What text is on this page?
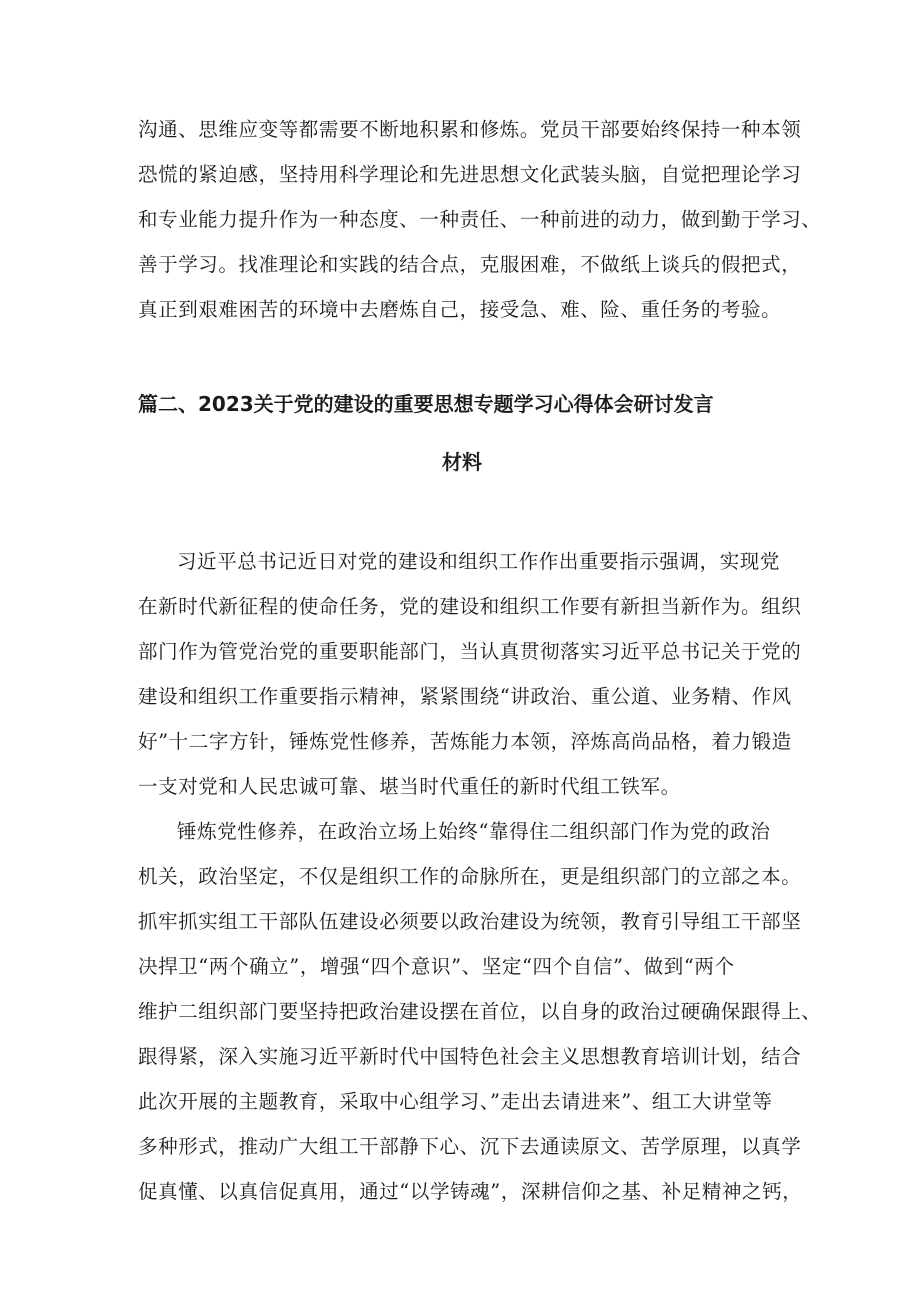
沟通、思维应变等都需要不断地积累和修炼。党员干部要始终保持一种本领
恐慌的紧迫感，坚持用科学理论和先进思想文化武装头脑，自觉把理论学习
和专业能力提升作为一种态度、一种责任、一种前进的动力，做到勤于学习、
善于学习。找准理论和实践的结合点，克服困难，不做纸上谈兵的假把式，
真正到艰难困苦的环境中去磨炼自己，接受急、难、险、重任务的考验。
篇二、2023关于党的建设的重要思想专题学习心得体会研讨发言
材料
习近平总书记近日对党的建设和组织工作作出重要指示强调，实现党
在新时代新征程的使命任务，党的建设和组织工作要有新担当新作为。组织
部门作为管党治党的重要职能部门，当认真贯彻落实习近平总书记关于党的
建设和组织工作重要指示精神，紧紧围绕“讲政治、重公道、业务精、作风
好”十二字方针，锤炼党性修养，苦炼能力本领，淬炼高尚品格，着力锻造
一支对党和人民忠诚可靠、堪当时代重任的新时代组工铁军。
锤炼党性修养，在政治立场上始终“靠得住二组织部门作为党的政治
机关，政治坚定，不仅是组织工作的命脉所在，更是组织部门的立部之本。
抓牢抓实组工干部队伍建设必须要以政治建设为统领，教育引导组工干部坚
决捍卫“两个确立”，增强“四个意识”、坚定“四个自信”、做到“两个
维护二组织部门要坚持把政治建设摆在首位，以自身的政治过硬确保跟得上、
跟得紧，深入实施习近平新时代中国特色社会主义思想教育培训计划，结合
此次开展的主题教育，采取中心组学习、”走出去请进来”、组工大讲堂等
多种形式，推动广大组工干部静下心、沉下去通读原文、苦学原理，以真学
促真懂、以真信促真用，通过“以学铸魂”，深耕信仰之基、补足精神之钙，
